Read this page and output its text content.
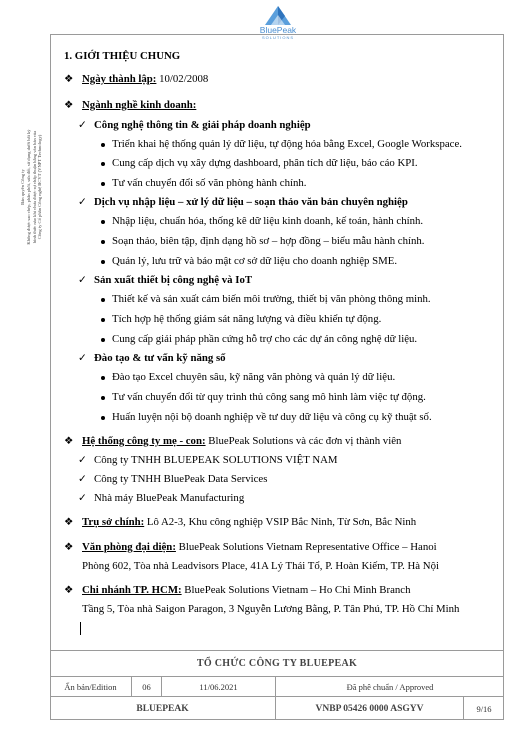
Bản quyền Công ty Không được sao chép, phân phối, sửa đổi, sử dụng dưới bất kỳ hình thức nào khi chưa được sự chấp thuận bằng văn bản của Công ty Cổ phần Công nghệ BCVT (VNPT Technology)
BluePeak
SOLUTIONS
1. GIỚI THIỆU CHUNG
❖ Ngày thành lập: 10/02/2008
❖ Ngành nghề kinh doanh:
✓ Công nghệ thông tin & giải pháp doanh nghiệp
Triển khai hệ thống quản lý dữ liệu, tự động hóa bằng Excel, Google Workspace.
Cung cấp dịch vụ xây dựng dashboard, phân tích dữ liệu, báo cáo KPI.
Tư vấn chuyển đổi số văn phòng hành chính.
✓ Dịch vụ nhập liệu – xử lý dữ liệu – soạn thảo văn bản chuyên nghiệp
Nhập liệu, chuẩn hóa, thống kê dữ liệu kinh doanh, kế toán, hành chính.
Soạn thảo, biên tập, định dạng hồ sơ – hợp đồng – biểu mẫu hành chính.
Quản lý, lưu trữ và bảo mật cơ sở dữ liệu cho doanh nghiệp SME.
✓ Sản xuất thiết bị công nghệ và IoT
Thiết kế và sản xuất cảm biến môi trường, thiết bị văn phòng thông minh.
Tích hợp hệ thống giám sát năng lượng và điều khiển tự động.
Cung cấp giải pháp phần cứng hỗ trợ cho các dự án công nghệ dữ liệu.
✓ Đào tạo & tư vấn kỹ năng số
Đào tạo Excel chuyên sâu, kỹ năng văn phòng và quản lý dữ liệu.
Tư vấn chuyển đổi từ quy trình thủ công sang mô hình làm việc tự động.
Huấn luyện nội bộ doanh nghiệp về tư duy dữ liệu và công cụ kỹ thuật số.
❖ Hệ thống công ty mẹ - con: BluePeak Solutions và các đơn vị thành viên
✓ Công ty TNHH BLUEPEAK SOLUTIONS VIỆT NAM
✓ Công ty TNHH BluePeak Data Services
✓ Nhà máy BluePeak Manufacturing
❖ Trụ sở chính: Lô A2-3, Khu công nghiệp VSIP Bắc Ninh, Từ Sơn, Bắc Ninh
❖ Văn phòng đại diện: BluePeak Solutions Vietnam Representative Office – Hanoi
Phòng 602, Tòa nhà Leadvisors Place, 41A Lý Thái Tổ, P. Hoàn Kiếm, TP. Hà Nội
❖ Chi nhánh TP. HCM: BluePeak Solutions Vietnam – Ho Chi Minh Branch
Tầng 5, Tòa nhà Saigon Paragon, 3 Nguyễn Lương Bằng, P. Tân Phú, TP. Hồ Chí Minh
TỔ CHỨC CÔNG TY BLUEPEAK
Ấn bản/Edition	06	11/06.2021	Đã phê chuẩn / Approved
BLUEPEAK	VNBP 05426 0000 ASGYV	9/16
